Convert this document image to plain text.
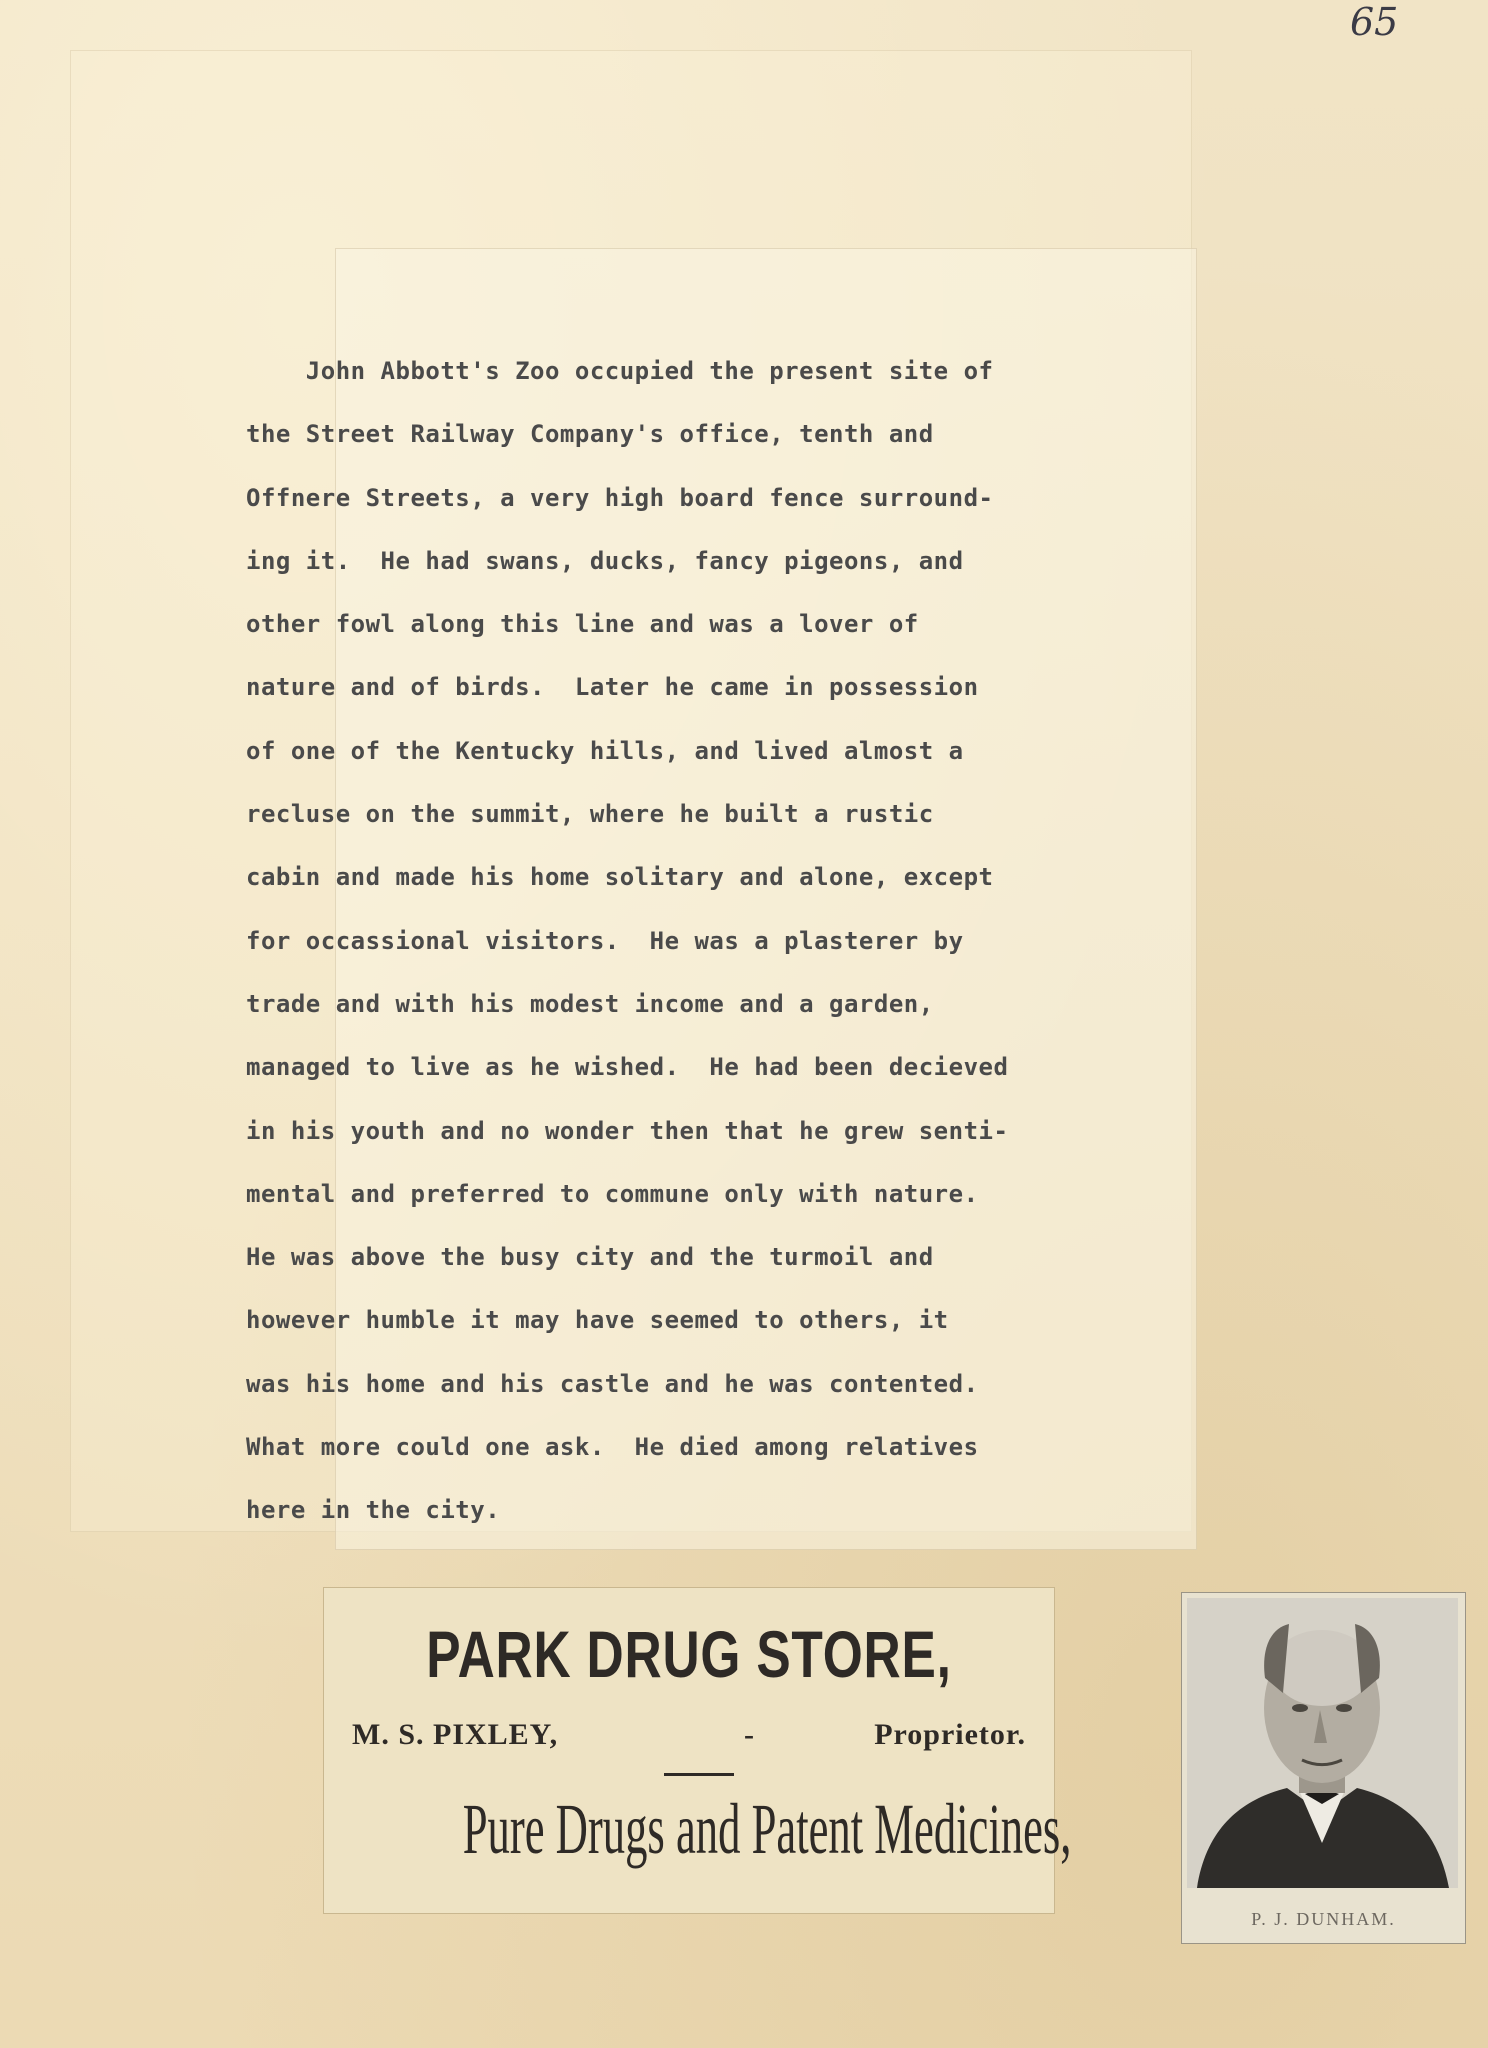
65
John Abbott's Zoo occupied the present site of
the Street Railway Company's office, tenth and
Offnere Streets, a very high board fence surround-
ing it.  He had swans, ducks, fancy pigeons, and
other fowl along this line and was a lover of
nature and of birds.  Later he came in possession
of one of the Kentucky hills, and lived almost a
recluse on the summit, where he built a rustic
cabin and made his home solitary and alone, except
for occassional visitors.  He was a plasterer by
trade and with his modest income and a garden,
managed to live as he wished.  He had been decieved
in his youth and no wonder then that he grew senti-
mental and preferred to commune only with nature.
He was above the busy city and the turmoil and
however humble it may have seemed to others, it
was his home and his castle and he was contented.
What more could one ask.  He died among relatives
here in the city.
PARK DRUG STORE,
M. S. PIXLEY,	-	Proprietor.
Pure Drugs and Patent Medicines,
P. J. DUNHAM.
